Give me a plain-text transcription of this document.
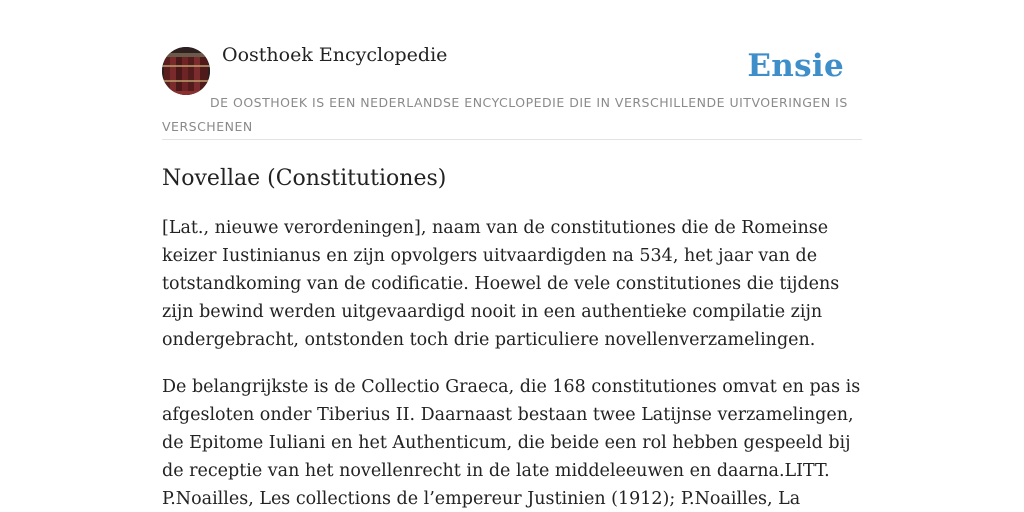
Oosthoek Encyclopedie	Ensie

DE OOSTHOEK IS EEN NEDERLANDSE ENCYCLOPEDIE DIE IN VERSCHILLENDE UITVOERINGEN IS VERSCHENEN

Novellae (Constitutiones)

[Lat., nieuwe verordeningen], naam van de constitutiones die de Romeinse keizer Iustinianus en zijn opvolgers uitvaardigden na 534, het jaar van de totstandkoming van de codificatie. Hoewel de vele constitutiones die tijdens zijn bewind werden uitgevaardigd nooit in een authentieke compilatie zijn ondergebracht, ontstonden toch drie particuliere novellenverzamelingen.

De belangrijkste is de Collectio Graeca, die 168 constitutiones omvat en pas is afgesloten onder Tiberius II. Daarnaast bestaan twee Latijnse verzamelingen, de Epitome Iuliani en het Authenticum, die beide een rol hebben gespeeld bij de receptie van het novellenrecht in de late middeleeuwen en daarna.LITT. P.Noailles, Les collections de l’empereur Justinien (1912); P.Noailles, La
